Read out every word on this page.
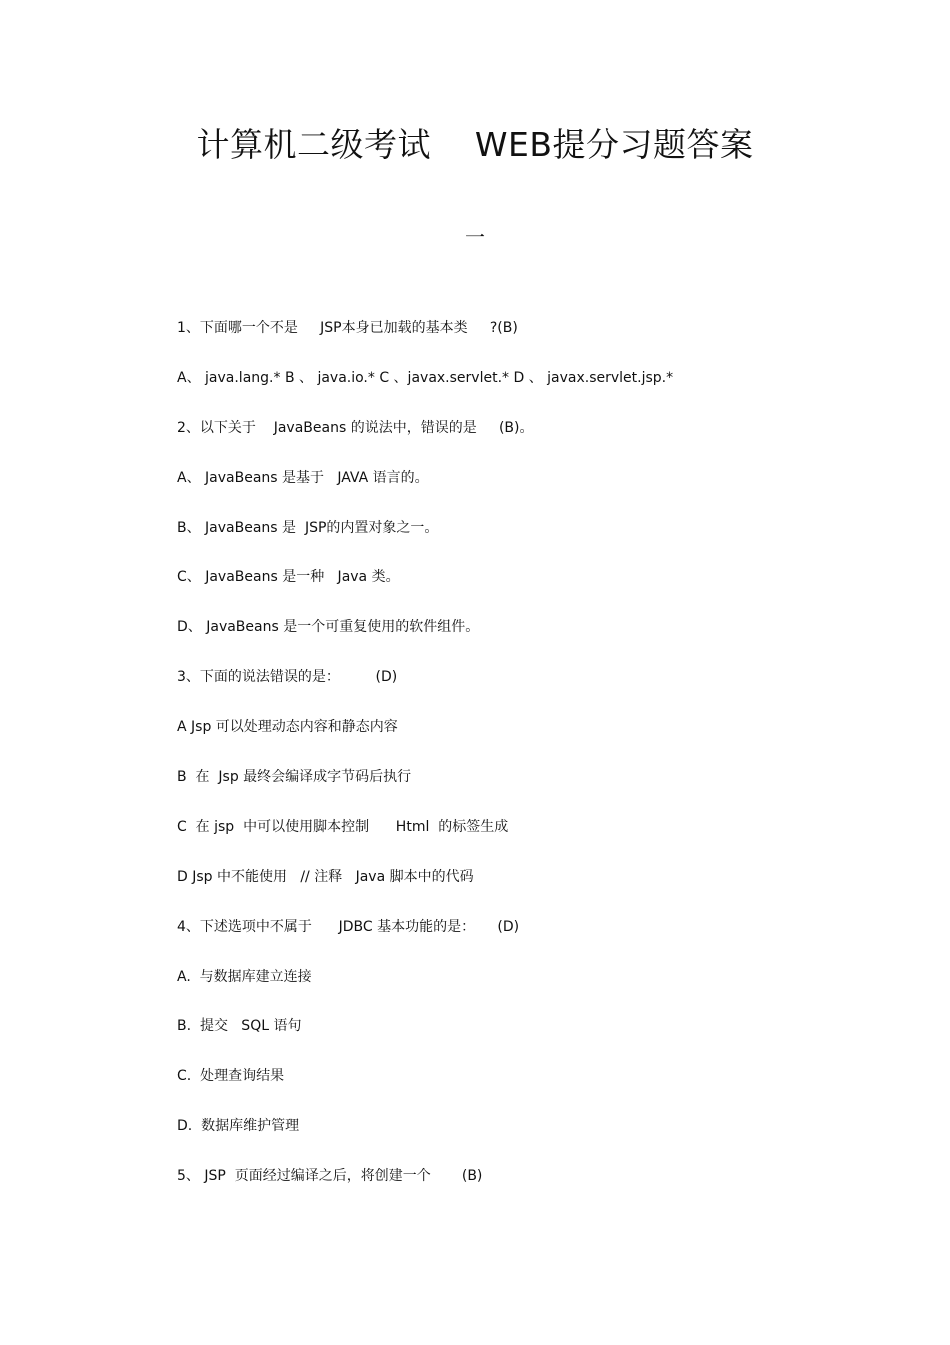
计算机二级考试    WEB提分习题答案
一
1、下面哪一个不是     JSP本身已加载的基本类     ?(B)
A、 java.lang.* B 、 java.io.* C 、javax.servlet.* D 、 javax.servlet.jsp.*
2、以下关于    JavaBeans 的说法中，错误的是     (B)。
A、 JavaBeans 是基于   JAVA 语言的。
B、 JavaBeans 是  JSP的内置对象之一。
C、 JavaBeans 是一种   Java 类。
D、 JavaBeans 是一个可重复使用的软件组件。
3、下面的说法错误的是：        (D)
A Jsp 可以处理动态内容和静态内容
B  在  Jsp 最终会编译成字节码后执行
C  在 jsp  中可以使用脚本控制      Html  的标签生成
D Jsp 中不能使用   // 注释   Java 脚本中的代码
4、下述选项中不属于      JDBC 基本功能的是：     (D)
A.  与数据库建立连接
B.  提交   SQL 语句
C.  处理查询结果
D.  数据库维护管理
5、 JSP  页面经过编译之后，将创建一个       (B)
